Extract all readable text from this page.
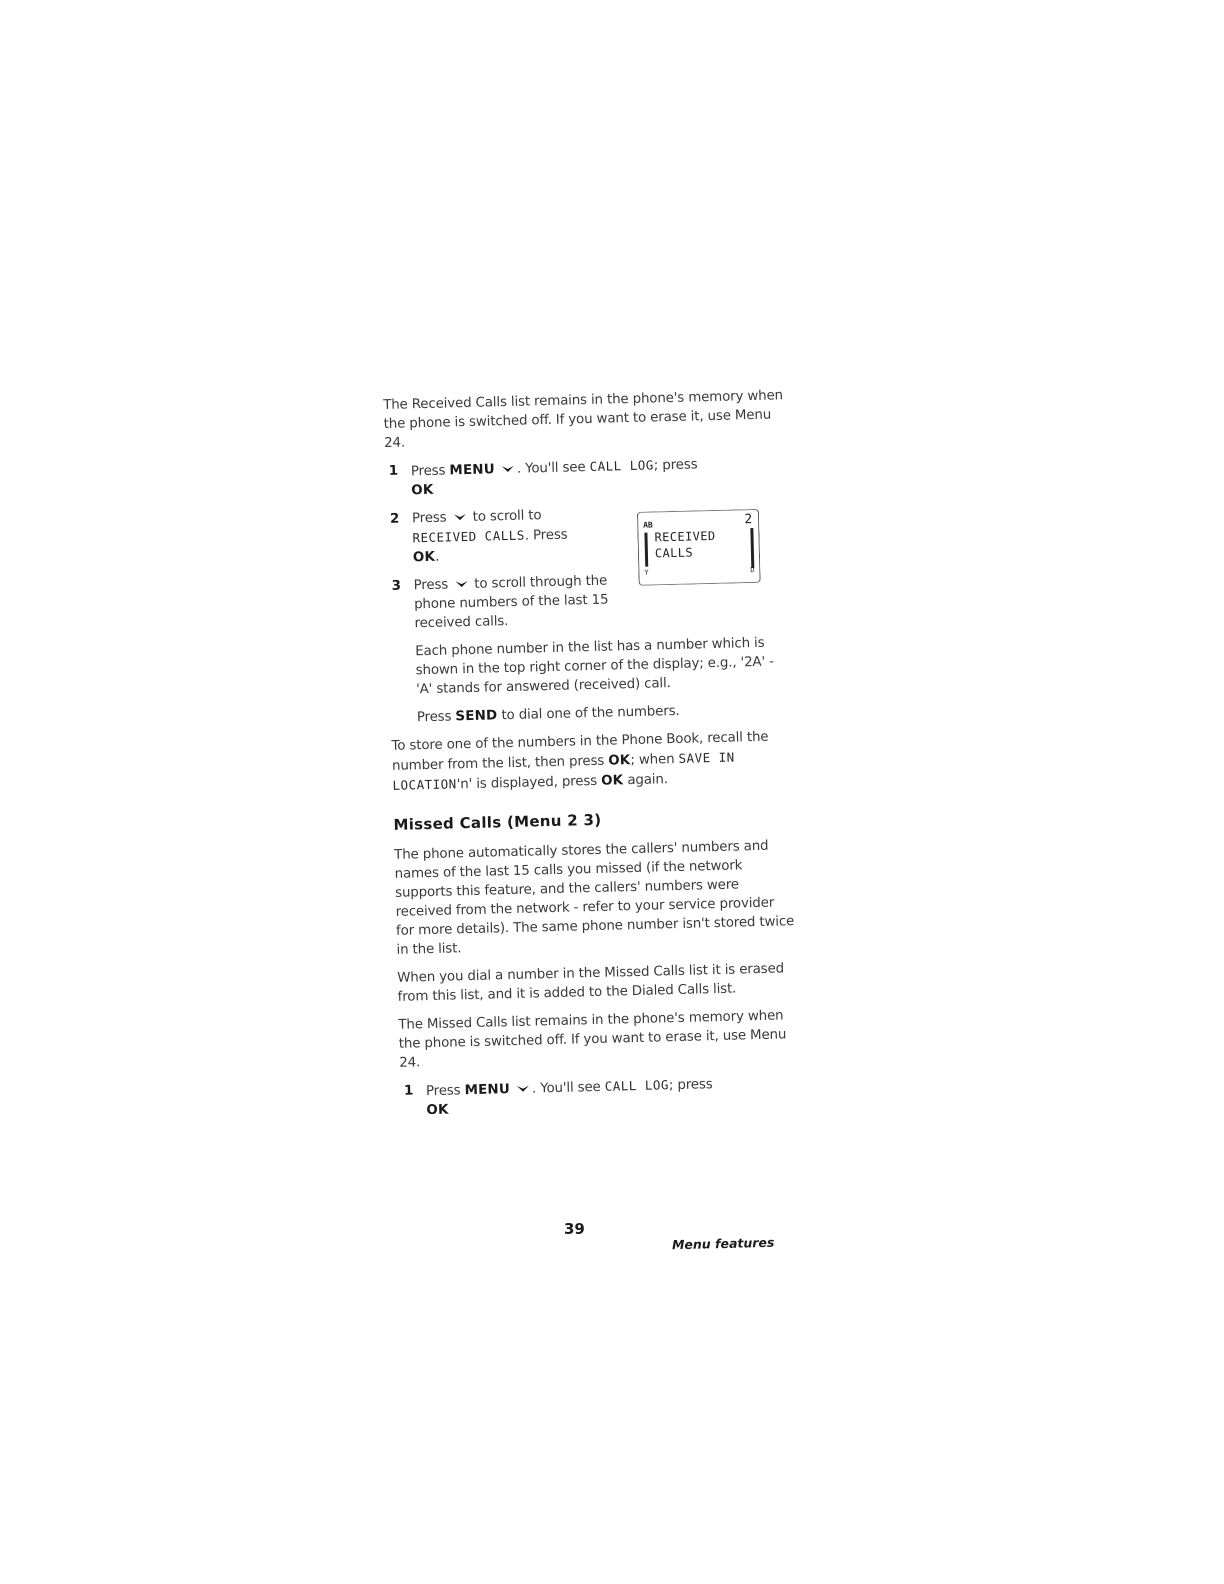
The Received Calls list remains in the phone's memory when the phone is switched off. If you want to erase it, use Menu 24.

1 Press MENU . You'll see CALL LOG; press
OK
2 Press
to scroll to
RECEIVED CALLS. Press
OK.
3 Press
to scroll through the phone numbers of the last 15 received calls.
AB	2
RECEIVED
CALLS
Y	D

Each phone number in the list has a number which is shown in the top right corner of the display; e.g., '2A' - 'A' stands for answered (received) call.

Press SEND to dial one of the numbers.

To store one of the numbers in the Phone Book, recall the number from the list, then press OK; when SAVE IN LOCATION'n' is displayed, press OK again.

Missed Calls (Menu 2 3)

The phone automatically stores the callers' numbers and names of the last 15 calls you missed (if the network supports this feature, and the callers' numbers were received from the network - refer to your service provider for more details). The same phone number isn't stored twice in the list.

When you dial a number in the Missed Calls list it is erased from this list, and it is added to the Dialed Calls list.

The Missed Calls list remains in the phone's memory when the phone is switched off. If you want to erase it, use Menu 24.

1 Press MENU . You'll see CALL LOG; press
OK
39
Menu features
